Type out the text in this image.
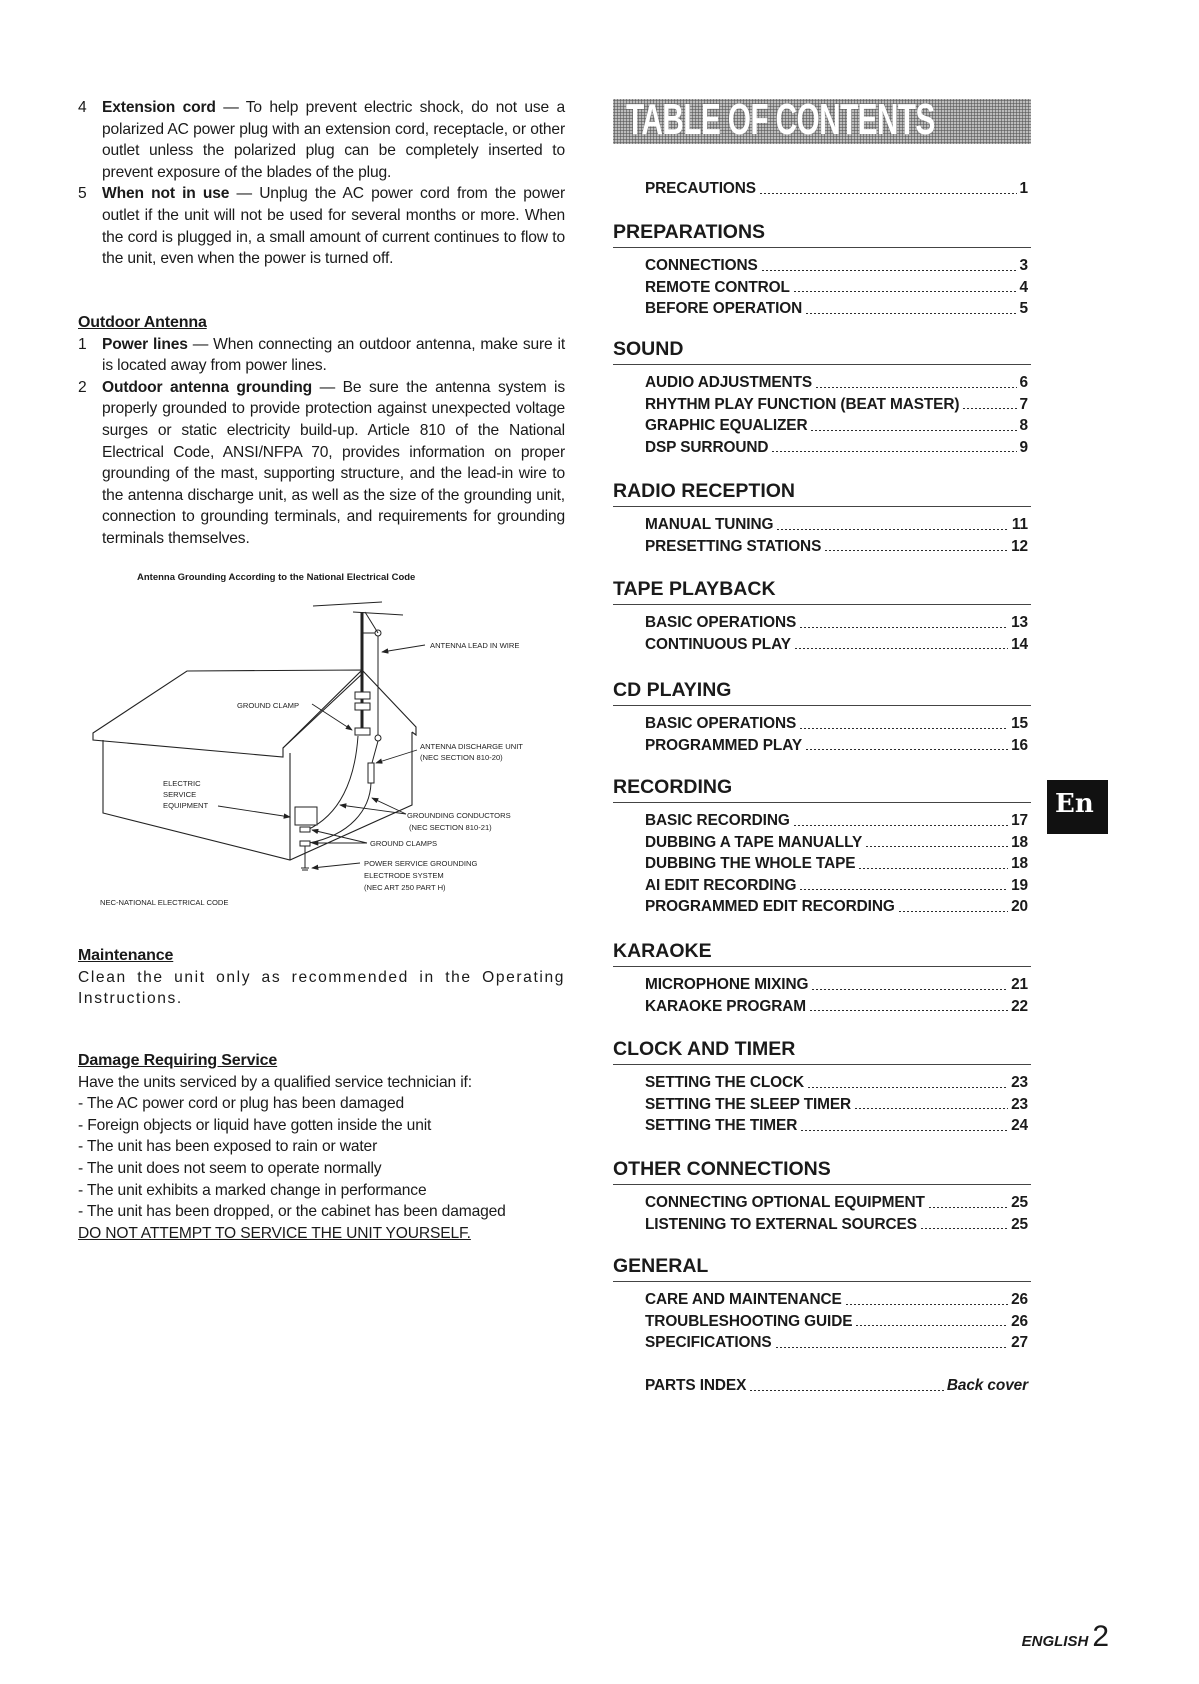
4 Extension cord — To help prevent electric shock, do not use a polarized AC power plug with an extension cord, receptacle, or other outlet unless the polarized plug can be completely inserted to prevent exposure of the blades of the plug.
5 When not in use — Unplug the AC power cord from the power outlet if the unit will not be used for several months or more. When the cord is plugged in, a small amount of current continues to flow to the unit, even when the power is turned off.
Outdoor Antenna
1 Power lines — When connecting an outdoor antenna, make sure it is located away from power lines.
2 Outdoor antenna grounding — Be sure the antenna system is properly grounded to provide protection against unexpected voltage surges or static electricity build-up. Article 810 of the National Electrical Code, ANSI/NFPA 70, provides information on proper grounding of the mast, supporting structure, and the lead-in wire to the antenna discharge unit, as well as the size of the grounding unit, connection to grounding terminals, and requirements for grounding terminals themselves.
Antenna Grounding According to the National Electrical Code
ANTENNA LEAD IN WIRE
GROUND CLAMP
ANTENNA DISCHARGE UNIT
(NEC SECTION 810-20)
ELECTRIC
SERVICE
EQUIPMENT
GROUNDING CONDUCTORS
(NEC SECTION 810-21)
GROUND CLAMPS
POWER SERVICE GROUNDING
ELECTRODE SYSTEM
(NEC ART 250 PART H)
NEC-NATIONAL ELECTRICAL CODE
Maintenance
Clean the unit only as recommended in the Operating Instructions.
Damage Requiring Service
Have the units serviced by a qualified service technician if:
- The AC power cord or plug has been damaged
- Foreign objects or liquid have gotten inside the unit
- The unit has been exposed to rain or water
- The unit does not seem to operate normally
- The unit exhibits a marked change in performance
- The unit has been dropped, or the cabinet has been damaged
DO NOT ATTEMPT TO SERVICE THE UNIT YOURSELF.
TABLE OF CONTENTS
PRECAUTIONS	1
PREPARATIONS
CONNECTIONS	3
REMOTE CONTROL	4
BEFORE OPERATION	5
SOUND
AUDIO ADJUSTMENTS	6
RHYTHM PLAY FUNCTION (BEAT MASTER)	7
GRAPHIC EQUALIZER	8
DSP SURROUND	9
RADIO RECEPTION
MANUAL TUNING	11
PRESETTING STATIONS	12
TAPE PLAYBACK
BASIC OPERATIONS	13
CONTINUOUS PLAY	14
CD PLAYING
BASIC OPERATIONS	15
PROGRAMMED PLAY	16
RECORDING
BASIC RECORDING	17
DUBBING A TAPE MANUALLY	18
DUBBING THE WHOLE TAPE	18
AI EDIT RECORDING	19
PROGRAMMED EDIT RECORDING	20
KARAOKE
MICROPHONE MIXING	21
KARAOKE PROGRAM	22
CLOCK AND TIMER
SETTING THE CLOCK	23
SETTING THE SLEEP TIMER	23
SETTING THE TIMER	24
OTHER CONNECTIONS
CONNECTING OPTIONAL EQUIPMENT	25
LISTENING TO EXTERNAL SOURCES	25
GENERAL
CARE AND MAINTENANCE	26
TROUBLESHOOTING GUIDE	26
SPECIFICATIONS	27
PARTS INDEX	Back cover
En
ENGLISH 2
